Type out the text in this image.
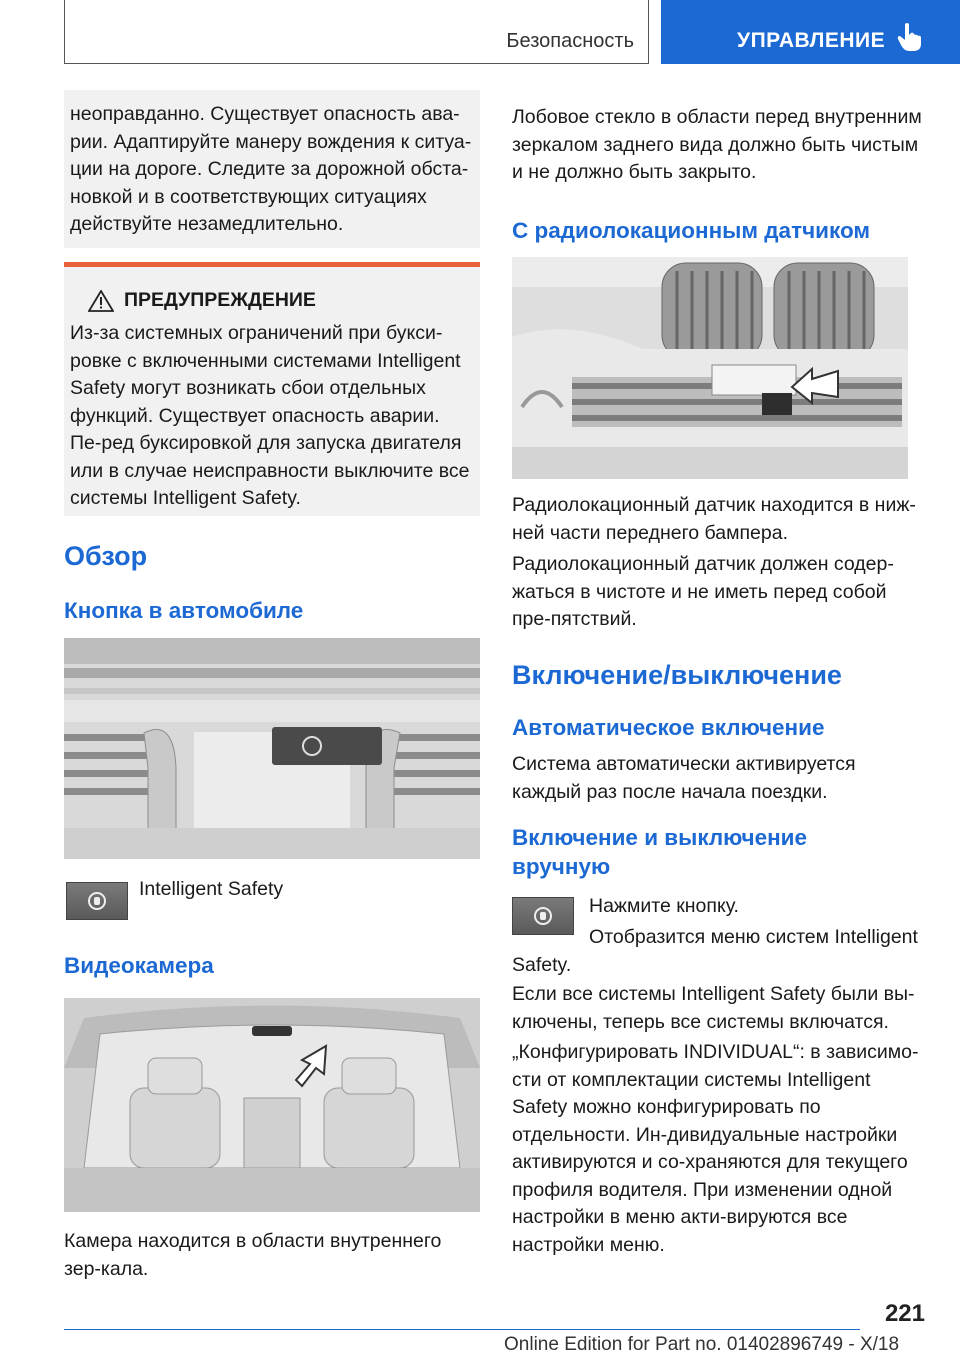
Безопасность	УПРАВЛЕНИЕ

неоправданно. Существует опасность ава-рии. Адаптируйте манеру вождения к ситуа-ции на дороге. Следите за дорожной обста-новкой и в соответствующих ситуациях действуйте незамедлительно.

ПРЕДУПРЕЖДЕНИЕ

Из-за системных ограничений при букси-ровке с включенными системами Intelligent Safety могут возникать сбои отдельных функций. Существует опасность аварии. Пе-ред буксировкой для запуска двигателя или в случае неисправности выключите все системы Intelligent Safety.

Обзор
Кнопка в автомобиле

Intelligent Safety

Видеокамера

Камера находится в области внутреннего зер-кала.

Лобовое стекло в области перед внутренним зеркалом заднего вида должно быть чистым и не должно быть закрыто.

С радиолокационным датчиком

Радиолокационный датчик находится в ниж-ней части переднего бампера.

Радиолокационный датчик должен содер-жаться в чистоте и не иметь перед собой пре-пятствий.

Включение/выключение
Автоматическое включение

Система автоматически активируется каждый раз после начала поездки.

Включение и выключение
вручную

Нажмите кнопку.

Отобразится меню систем Intelligent

Safety.

Если все системы Intelligent Safety были вы-ключены, теперь все системы включатся.

„Конфигурировать INDIVIDUAL“: в зависимо-сти от комплектации системы Intelligent Safety можно конфигурировать по отдельности. Ин-дивидуальные настройки активируются и со-храняются для текущего профиля водителя. При изменении одной настройки в меню акти-вируются все настройки меню.

221
Online Edition for Part no. 01402896749 - X/18
